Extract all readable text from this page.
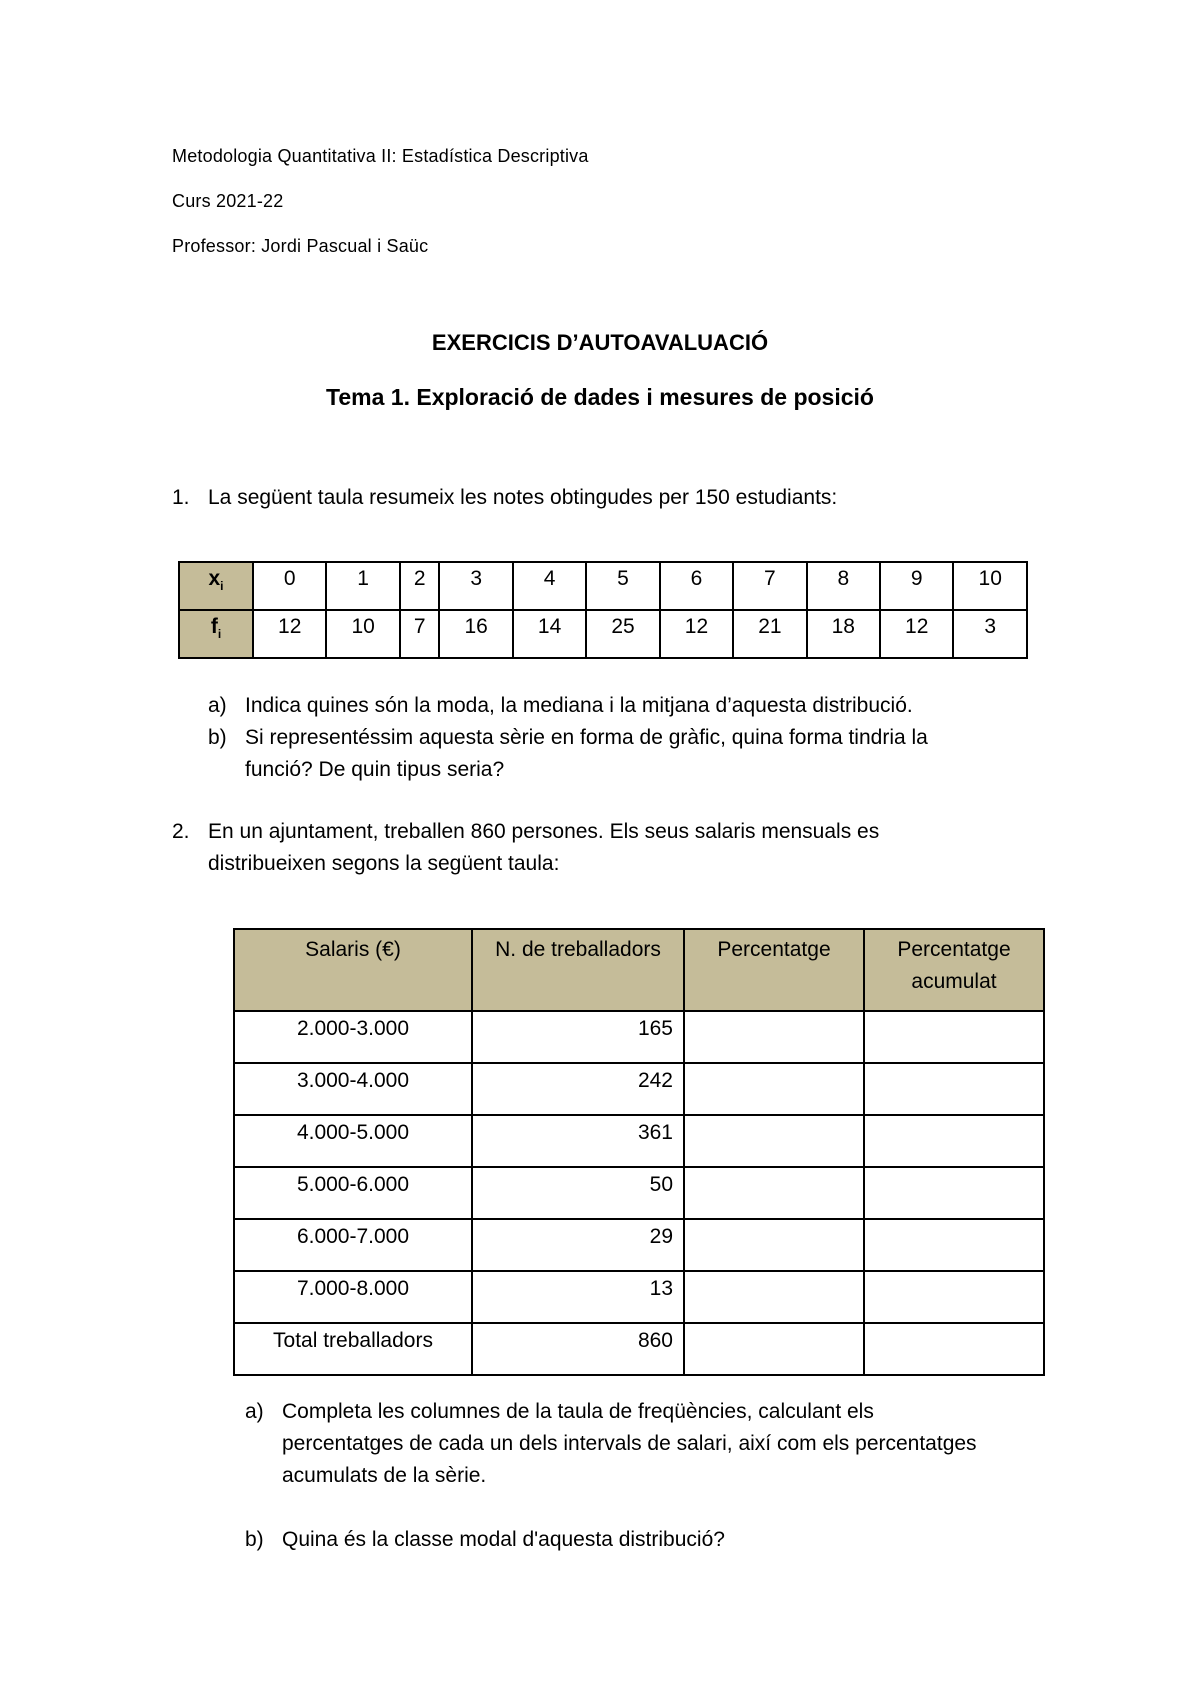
Metodologia Quantitativa II: Estadística Descriptiva
Curs 2021-22
Professor: Jordi Pascual i Saüc
EXERCICIS D’AUTOAVALUACIÓ
Tema 1. Exploració de dades i mesures de posició
1. La següent taula resumeix les notes obtingudes per 150 estudiants:
$x_i$	0	1	2	3	4	5	6	7	8	9	10
$f_i$	12	10	7	16	14	25	12	21	18	12	3
a) Indica quines són la moda, la mediana i la mitjana d’aquesta distribució.
b) Si representéssim aquesta sèrie en forma de gràfic, quina forma tindria la
funció? De quin tipus seria?
2. En un ajuntament, treballen 860 persones. Els seus salaris mensuals es
distribueixen segons la següent taula:
Salaris (€)	N. de treballadors	Percentatge	Percentatge acumulat
2.000-3.000	165		
3.000-4.000	242		
4.000-5.000	361		
5.000-6.000	50		
6.000-7.000	29		
7.000-8.000	13		
Total treballadors	860		
a) Completa les columnes de la taula de freqüències, calculant els
percentatges de cada un dels intervals de salari, així com els percentatges
acumulats de la sèrie.
b) Quina és la classe modal d'aquesta distribució?
